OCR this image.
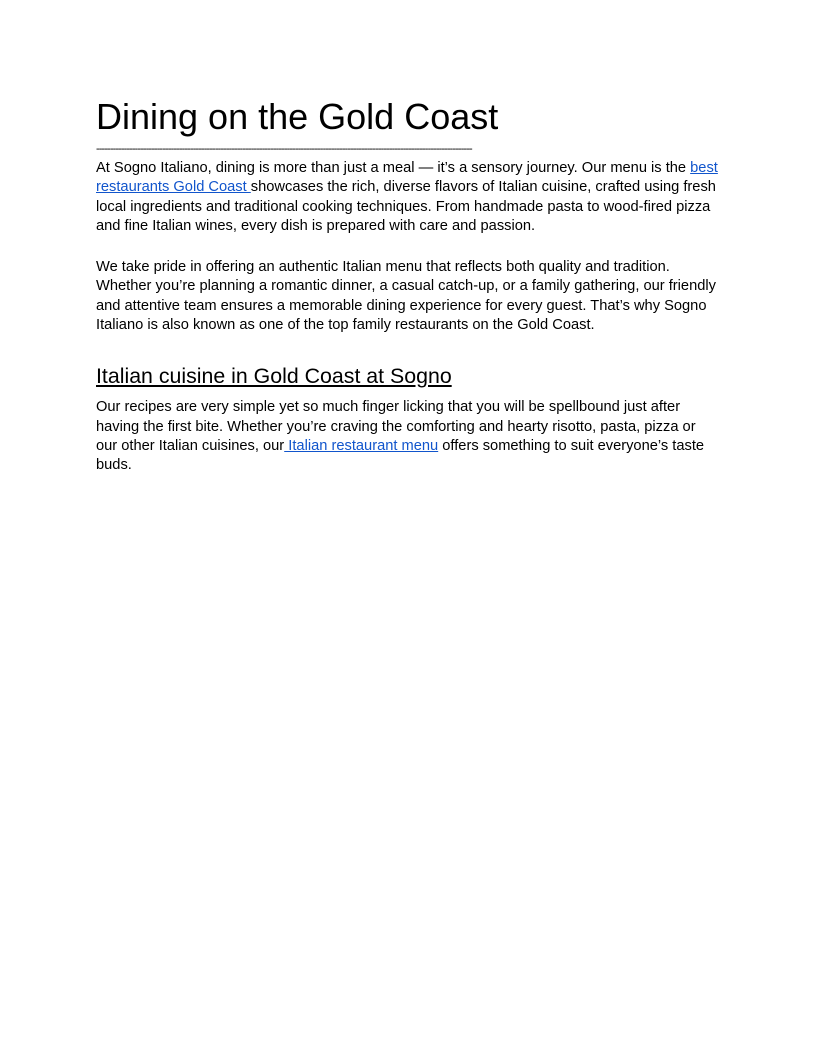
Dining on the Gold Coast
----------------------------------------------------------------------------------------------------------------------------------------

At Sogno Italiano, dining is more than just a meal — it’s a sensory journey. Our menu is the best restaurants Gold Coast showcases the rich, diverse flavors of Italian cuisine, crafted using fresh local ingredients and traditional cooking techniques. From handmade pasta to wood-fired pizza and fine Italian wines, every dish is prepared with care and passion.

We take pride in offering an authentic Italian menu that reflects both quality and tradition. Whether you’re planning a romantic dinner, a casual catch-up, or a family gathering, our friendly and attentive team ensures a memorable dining experience for every guest. That’s why Sogno Italiano is also known as one of the top family restaurants on the Gold Coast.

Italian cuisine in Gold Coast at Sogno

Our recipes are very simple yet so much finger licking that you will be spellbound just after having the first bite. Whether you’re craving the comforting and hearty risotto, pasta, pizza or our other Italian cuisines, our Italian restaurant menu offers something to suit everyone’s taste buds.
